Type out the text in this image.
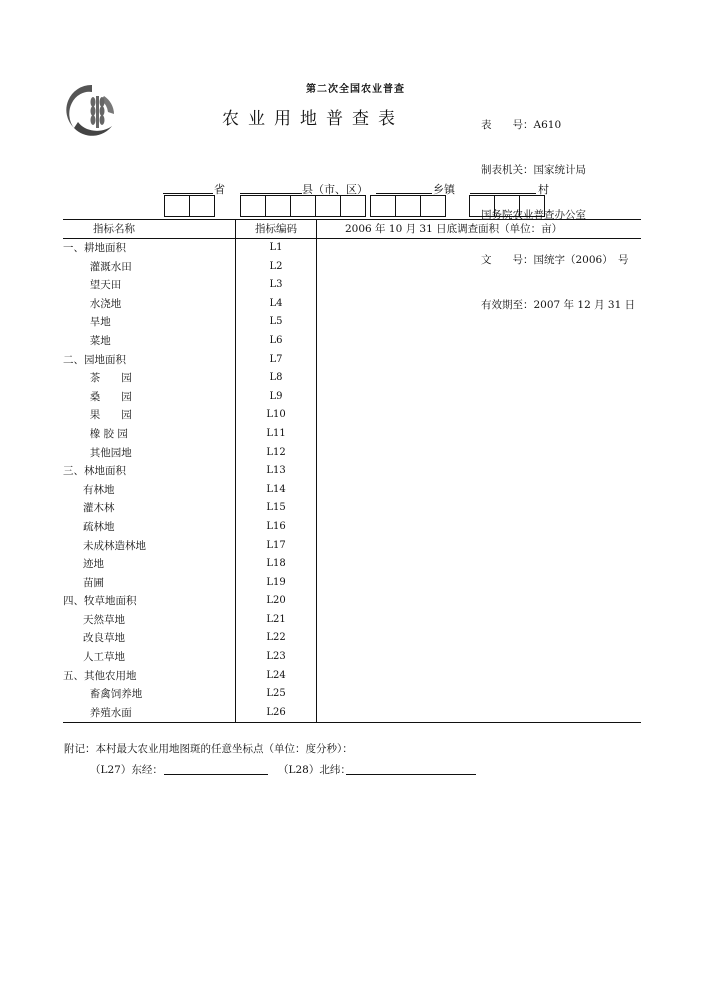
第二次全国农业普查
农业用地普查表

	表　　号：A610

制表机关：国家统计局

国务院农业普查办公室

文　　号：国统字（2006）　号

有效期至：2007 年 12 月 31 日

省	县（市、区）	乡镇	村
指标名称	指标编码	2006 年 10 月 31 日底调查面积（单位：亩）
一、耕地面积	L1
灌溉水田	L2
望天田	L3
水浇地	L4
旱地	L5
菜地	L6
二、园地面积	L7
茶　　园	L8
桑　　园	L9
果　　园	L10
橡 胶 园	L11
其他园地	L12
三、林地面积	L13
有林地	L14
灌木林	L15
疏林地	L16
未成林造林地	L17
迹地	L18
苗圃	L19
四、牧草地面积	L20
天然草地	L21
改良草地	L22
人工草地	L23
五、其他农用地	L24
畜禽饲养地	L25
养殖水面	L26
附记：本村最大农业用地图斑的任意坐标点（单位：度分秒）：
（L27）东经：	（L28）北纬：
